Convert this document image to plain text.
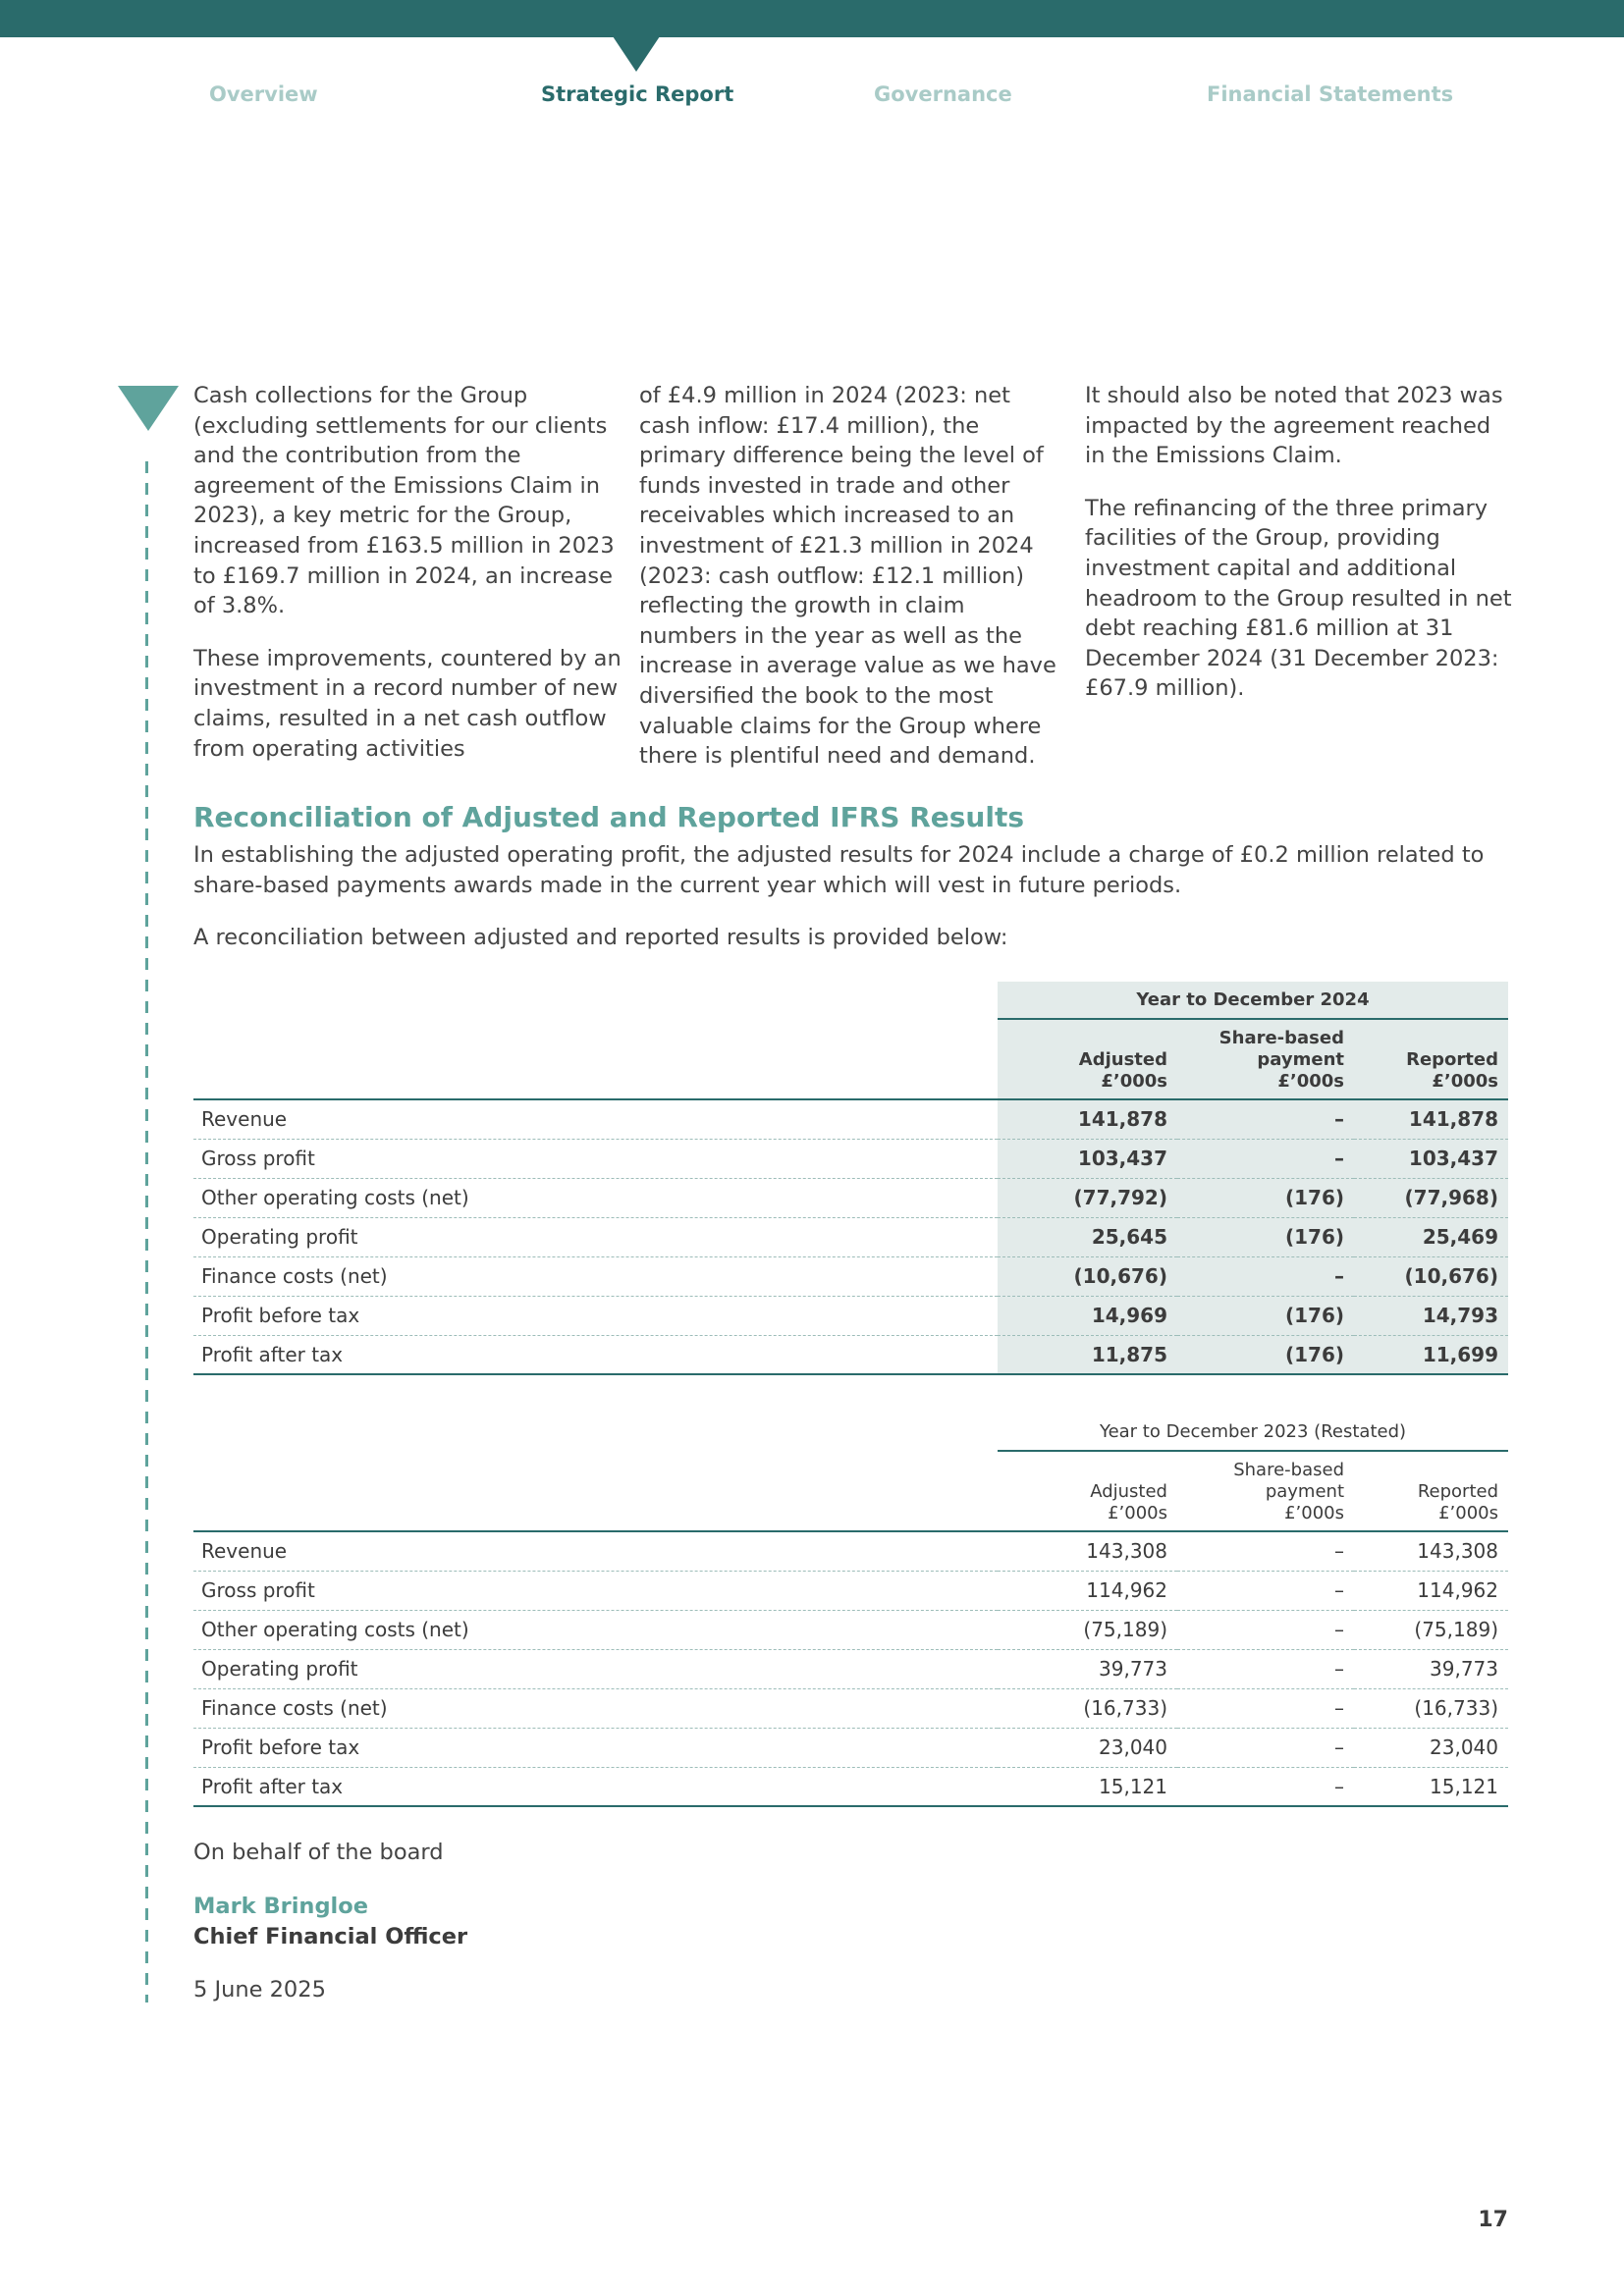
Overview	Strategic Report	Governance	Financial Statements

Cash collections for the Group (excluding settlements for our clients and the contribution from the agreement of the Emissions Claim in 2023), a key metric for the Group, increased from £163.5 million in 2023 to £169.7 million in 2024, an increase of 3.8%.

These improvements, countered by an investment in a record number of new claims, resulted in a net cash outflow from operating activities

of £4.9 million in 2024 (2023: net cash inflow: £17.4 million), the primary difference being the level of funds invested in trade and other receivables which increased to an investment of £21.3 million in 2024 (2023: cash outflow: £12.1 million) reflecting the growth in claim numbers in the year as well as the increase in average value as we have diversified the book to the most valuable claims for the Group where there is plentiful need and demand.

It should also be noted that 2023 was impacted by the agreement reached in the Emissions Claim.

The refinancing of the three primary facilities of the Group, providing investment capital and additional headroom to the Group resulted in net debt reaching £81.6 million at 31 December 2024 (31 December 2023: £67.9 million).

Reconciliation of Adjusted and Reported IFRS Results

In establishing the adjusted operating profit, the adjusted results for 2024 include a charge of £0.2 million related to share-based payments awards made in the current year which will vest in future periods.

A reconciliation between adjusted and reported results is provided below:

	Year to December 2024		
	Adjusted
£’000s	Share-based
payment
£’000s	Reported
£’000s
Revenue	141,878	–	141,878
Gross profit	103,437	–	103,437
Other operating costs (net)	(77,792)	(176)	(77,968)
Operating profit	25,645	(176)	25,469
Finance costs (net)	(10,676)	–	(10,676)
Profit before tax	14,969	(176)	14,793
Profit after tax	11,875	(176)	11,699
	Year to December 2023 (Restated)		
	Adjusted
£’000s	Share-based
payment
£’000s	Reported
£’000s
Revenue	143,308	–	143,308
Gross profit	114,962	–	114,962
Other operating costs (net)	(75,189)	–	(75,189)
Operating profit	39,773	–	39,773
Finance costs (net)	(16,733)	–	(16,733)
Profit before tax	23,040	–	23,040
Profit after tax	15,121	–	15,121
On behalf of the board
Mark Bringloe
Chief Financial Officer
5 June 2025
17
